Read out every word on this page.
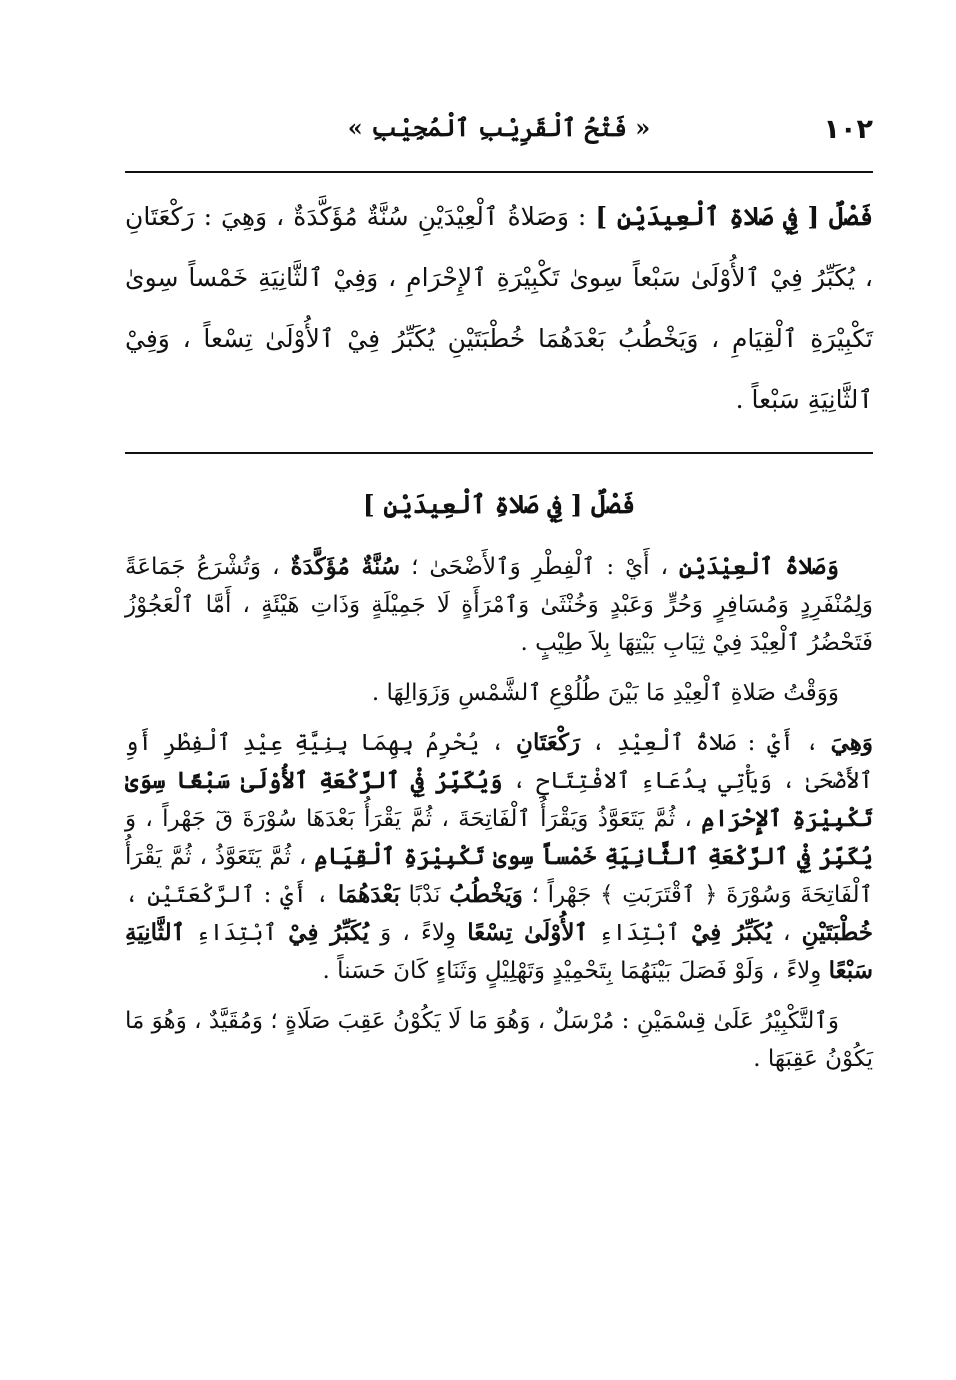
١٠٢
« فَتْحُ ٱلْقَرِيْبِ ٱلْمُجِيْبِ »
فَصْلٌ [ فِي صَلاةِ ٱلْعِيدَيْنِ ] : وَصَلاةُ ٱلْعِيْدَيْنِ سُنَّةٌ مُؤَكَّدَةٌ ، وَهِيَ : رَكْعَتَانِ ، يُكَبِّرُ فِيْ ٱلأُوْلَىٰ سَبْعاً سِوىٰ تَكْبِيْرَةِ ٱلإِحْرَامِ ، وَفِيْ ٱلثَّانِيَةِ خَمْساً سِوىٰ تَكْبِيْرَةِ ٱلْقِيَامِ ، وَيَخْطُبُ بَعْدَهُمَا خُطْبَتَيْنِ يُكَبِّرُ فِيْ ٱلأُوْلَىٰ تِسْعاً ، وَفِيْ ٱلثَّانِيَةِ سَبْعاً .
فَصْلٌ [ فِي صَلاةِ ٱلْعِيدَيْنِ ]

وَصَلاةُ ٱلْعِيْدَيْنِ ، أَيْ : ٱلْفِطْرِ وَٱلأَضْحَىٰ ؛ سُنَّةٌ مُؤَكَّدَةٌ ، وَتُشْرَعُ جَمَاعَةً وَلِمُنْفَرِدٍ وَمُسَافِرٍ وَحُرٍّ وَعَبْدٍ وَخُنْثَىٰ وَٱمْرَأَةٍ لَا جَمِيْلَةٍ وَذَاتِ هَيْئَةٍ ، أَمَّا ٱلْعَجُوْزُ فَتَحْضُرُ ٱلْعِيْدَ فِيْ ثِيَابِ بَيْتِهَا بِلاَ طِيْبٍ .

وَوَقْتُ صَلاةِ ٱلْعِيْدِ مَا بَيْنَ طُلُوْعِ ٱلشَّمْسِ وَزَوَالِهَا .

وَهِيَ ، أَيْ : صَلاةُ ٱلْعِيْدِ ، رَكْعَتَانِ ، يُحْرِمُ بِهِمَا بِنِيَّةِ عِيْدِ ٱلْفِطْرِ أَوِ ٱلأَضْحَىٰ ، وَيَأْتِي بِدُعَاءِ ٱلافْتِتَاحِ ، وَيُكَبِّرُ فِيْ ٱلرَّكْعَةِ ٱلأُوْلَىٰ سَبْعًا سِوَىٰ تَكْبِيْرَةِ ٱلإِحْرَامِ ، ثُمَّ يَتَعَوَّذُ وَيَقْرَأُ ٱلْفَاتِحَةَ ، ثُمَّ يَقْرَأُ بَعْدَهَا سُوْرَةَ قٓ جَهْراً ، وَ يُكَبِّرُ فِيْ ٱلرَّكْعَةِ ٱلثَّانِيَةِ خَمْساً سِوىٰ تَكْبِيْرَةِ ٱلْقِيَامِ ، ثُمَّ يَتَعَوَّذُ ، ثُمَّ يَقْرَأُ ٱلْفَاتِحَةَ وَسُوْرَةَ ﴿ ٱقْتَرَبَتِ ﴾ جَهْراً ؛ وَيَخْطُبُ نَدْبًا بَعْدَهُمَا ، أَيْ : ٱلرَّكْعَتَيْنِ ، خُطْبَتَيْنِ ، يُكَبِّرُ فِيْ ٱبْتِدَاءِ ٱلأُوْلَىٰ تِسْعًا وِلاءً ، وَ يُكَبِّرُ فِيْ ٱبْتِدَاءِ ٱلثَّانِيَةِ سَبْعًا وِلاءً ، وَلَوْ فَصَلَ بَيْنَهُمَا بِتَحْمِيْدٍ وَتَهْلِيْلٍ وَثَنَاءٍ كَانَ حَسَناً .

وَٱلتَّكْبِيْرُ عَلَىٰ قِسْمَيْنِ : مُرْسَلٌ ، وَهُوَ مَا لَا يَكُوْنُ عَقِبَ صَلَاةٍ ؛ وَمُقَيَّدٌ ، وَهُوَ مَا يَكُوْنُ عَقِبَهَا .
